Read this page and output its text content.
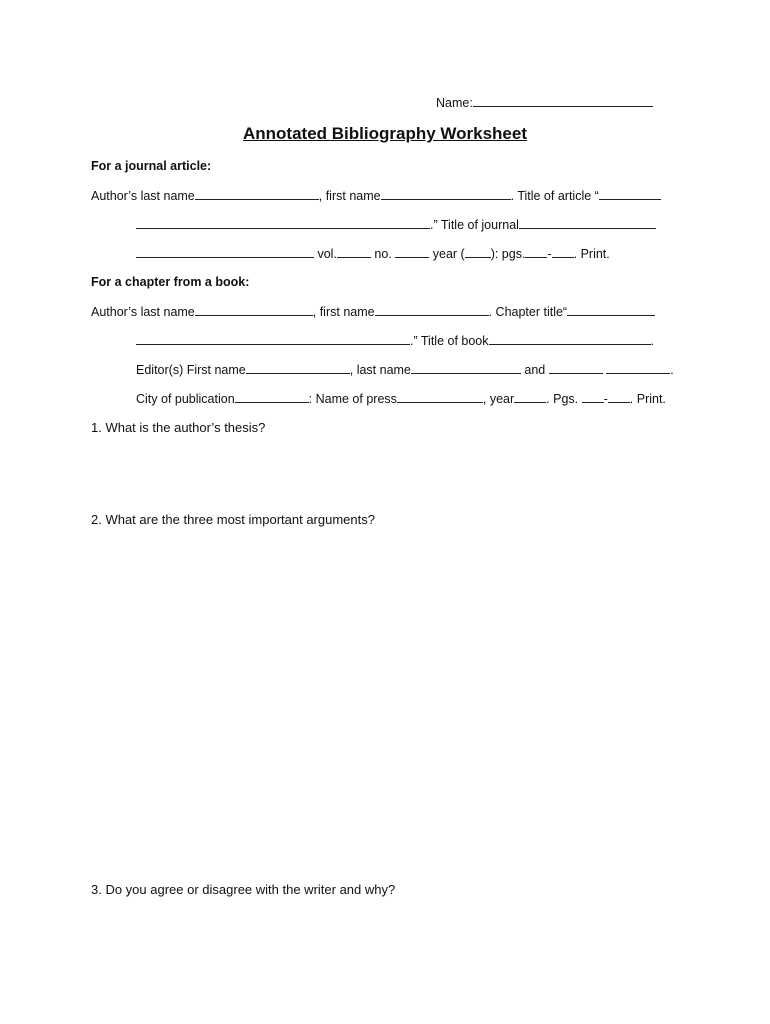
Name:
Annotated Bibliography Worksheet
For a journal article:
Author’s last name	, first name	. Title of article “
.” Title of journal
vol.	no.	year ( ): pgs. - . Print.
For a chapter from a book:
Author’s last name	, first name	. Chapter title“
.” Title of book	.
Editor(s) First name	, last name	and	.
City of publication	: Name of press	, year	. Pgs. - . Print.
1. What is the author’s thesis?
2. What are the three most important arguments?
3. Do you agree or disagree with the writer and why?
